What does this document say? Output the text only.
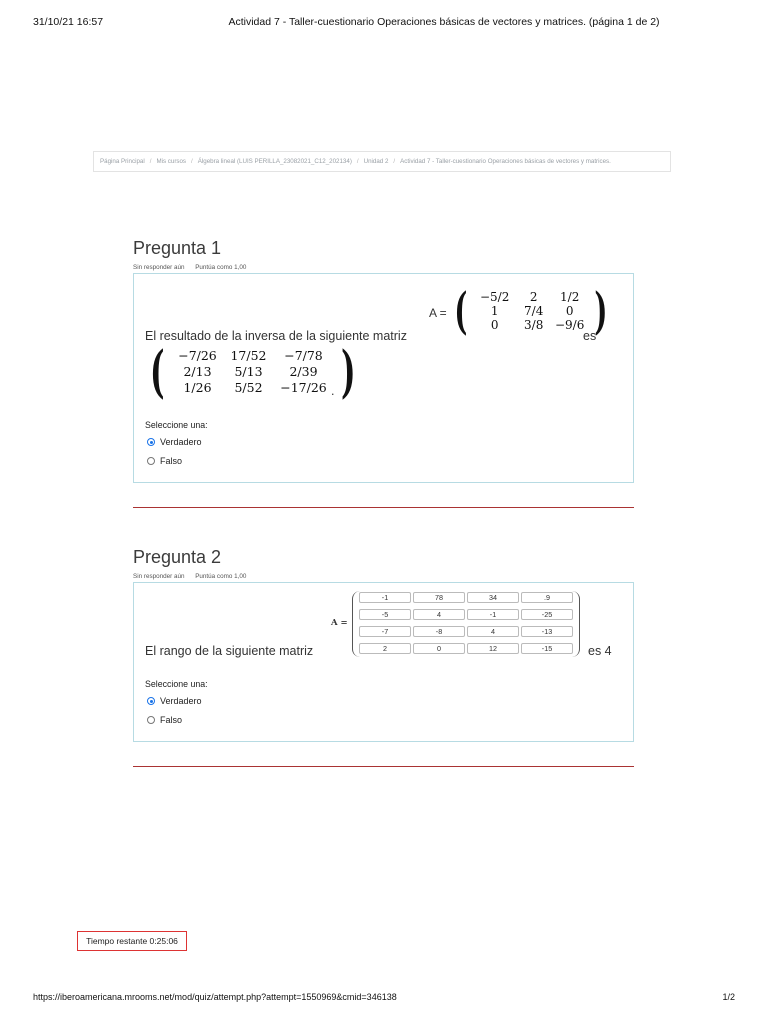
31/10/21 16:57	Actividad 7 - Taller-cuestionario Operaciones básicas de vectores y matrices. (página 1 de 2)
Página Principal / Mis cursos / Álgebra lineal (LUIS PERILLA_23082021_C12_202134) / Unidad 2 / Actividad 7 - Taller-cuestionario Operaciones básicas de vectores y matrices.
Pregunta 1
Sin responder aún Puntúa como 1,00
A = (	−5/2	2	1/2
1	7/4	0
0	3/8 −9/6 )
es
El resultado de la inversa de la siguiente matriz
(	−7/26	17/52	−7/78
2/13	5/13	2/39
1/26	5/52	−17/26 )
.
Seleccione una:
Verdadero
Falso
Pregunta 2
Sin responder aún Puntúa como 1,00
El rango de la siguiente matriz
A =
-1	78	34	.9
-5	4	-1	-25
-7	-8	4	-13
2	0	12	-15	es 4
Seleccione una:
Verdadero
Falso
Tiempo restante 0:25:06
https://iberoamericana.mrooms.net/mod/quiz/attempt.php?attempt=1550969&cmid=346138	1/2
